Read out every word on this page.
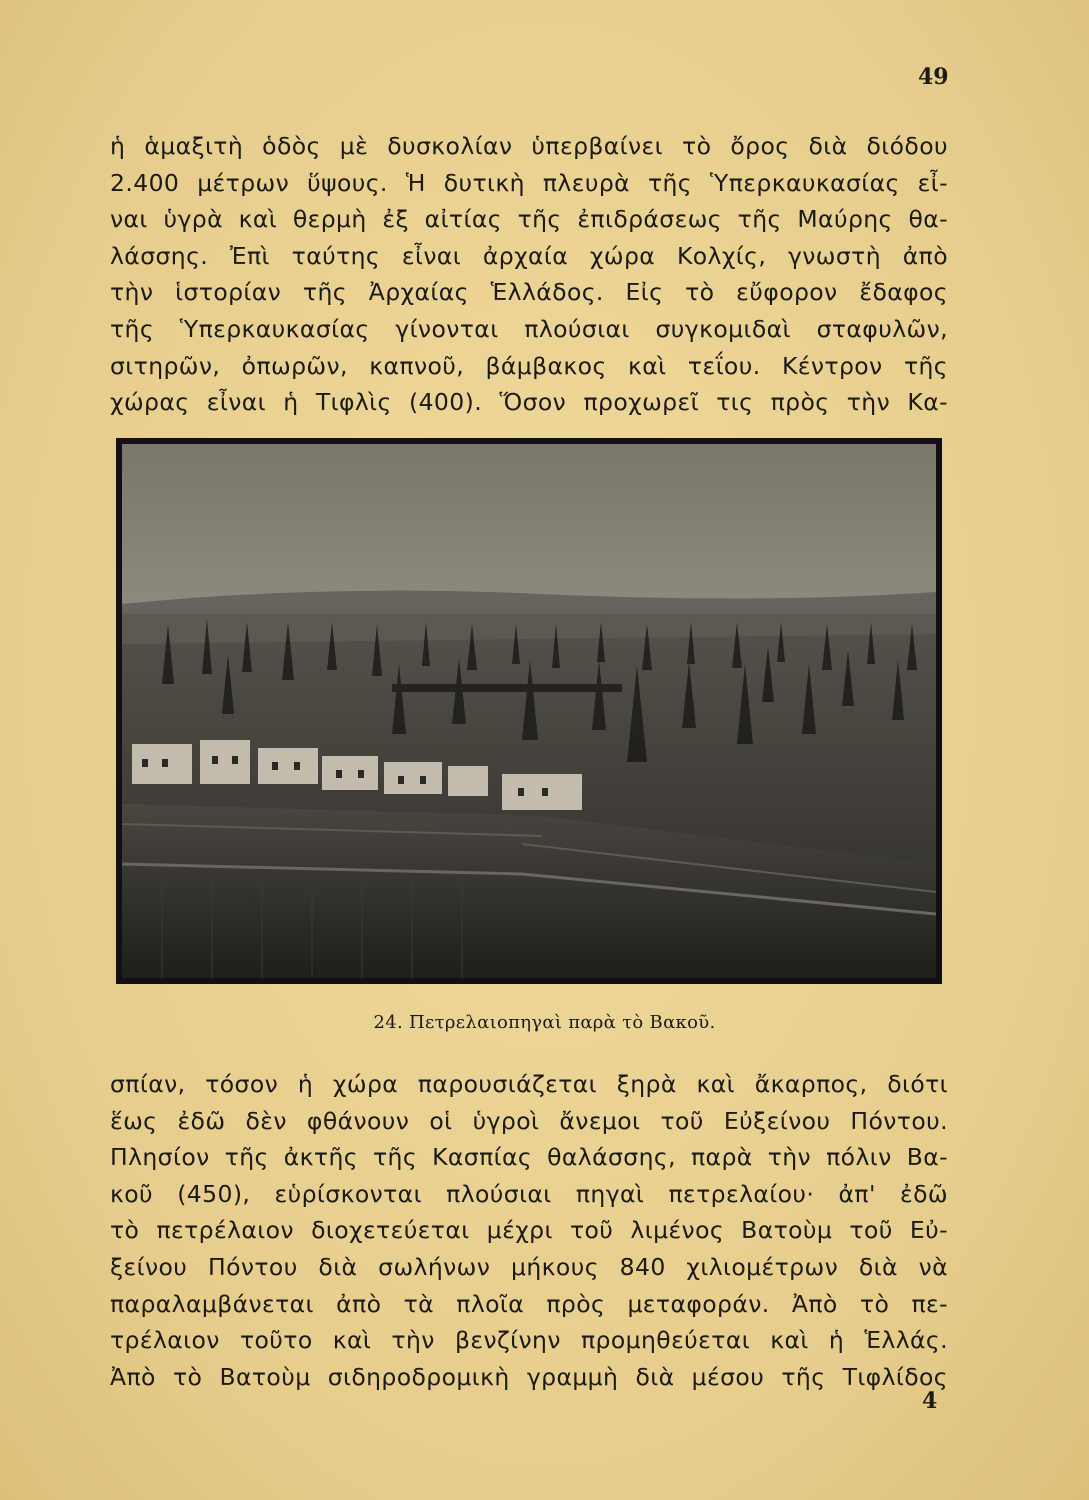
49
ἡ ἁμαξιτὴ ὁδὸς μὲ δυσκολίαν ὑπερβαίνει τὸ ὄρος διὰ διόδου
2.400 μέτρων ὕψους. Ἡ δυτικὴ πλευρὰ τῆς Ὑπερκαυκασίας εἶ-
ναι ὑγρὰ καὶ θερμὴ ἐξ αἰτίας τῆς ἐπιδράσεως τῆς Μαύρης θα-
λάσσης. Ἐπὶ ταύτης εἶναι ἀρχαία χώρα Κολχίς, γνωστὴ ἀπὸ
τὴν ἱστορίαν τῆς Ἀρχαίας Ἑλλάδος. Εἰς τὸ εὔφορον ἔδαφος
τῆς Ὑπερκαυκασίας γίνονται πλούσιαι συγκομιδαὶ σταφυλῶν,
σιτηρῶν, ὀπωρῶν, καπνοῦ, βάμβακος καὶ τεΐου. Κέντρον τῆς
χώρας εἶναι ἡ Τιφλὶς (400). Ὅσον προχωρεῖ τις πρὸς τὴν Κα-
24. Πετρελαιοπηγαὶ παρὰ τὸ Βακοῦ.
σπίαν, τόσον ἡ χώρα παρουσιάζεται ξηρὰ καὶ ἄκαρπος, διότι
ἕως ἐδῶ δὲν φθάνουν οἱ ὑγροὶ ἄνεμοι τοῦ Εὐξείνου Πόντου.
Πλησίον τῆς ἀκτῆς τῆς Κασπίας θαλάσσης, παρὰ τὴν πόλιν Βα-
κοῦ (450), εὑρίσκονται πλούσιαι πηγαὶ πετρελαίου· ἀπ' ἐδῶ
τὸ πετρέλαιον διοχετεύεται μέχρι τοῦ λιμένος Βατοὺμ τοῦ Εὐ-
ξείνου Πόντου διὰ σωλήνων μήκους 840 χιλιομέτρων διὰ νὰ
παραλαμβάνεται ἀπὸ τὰ πλοῖα πρὸς μεταφοράν. Ἀπὸ τὸ πε-
τρέλαιον τοῦτο καὶ τὴν βενζίνην προμηθεύεται καὶ ἡ Ἑλλάς.
Ἀπὸ τὸ Βατοὺμ σιδηροδρομικὴ γραμμὴ διὰ μέσου τῆς Τιφλίδος
4
